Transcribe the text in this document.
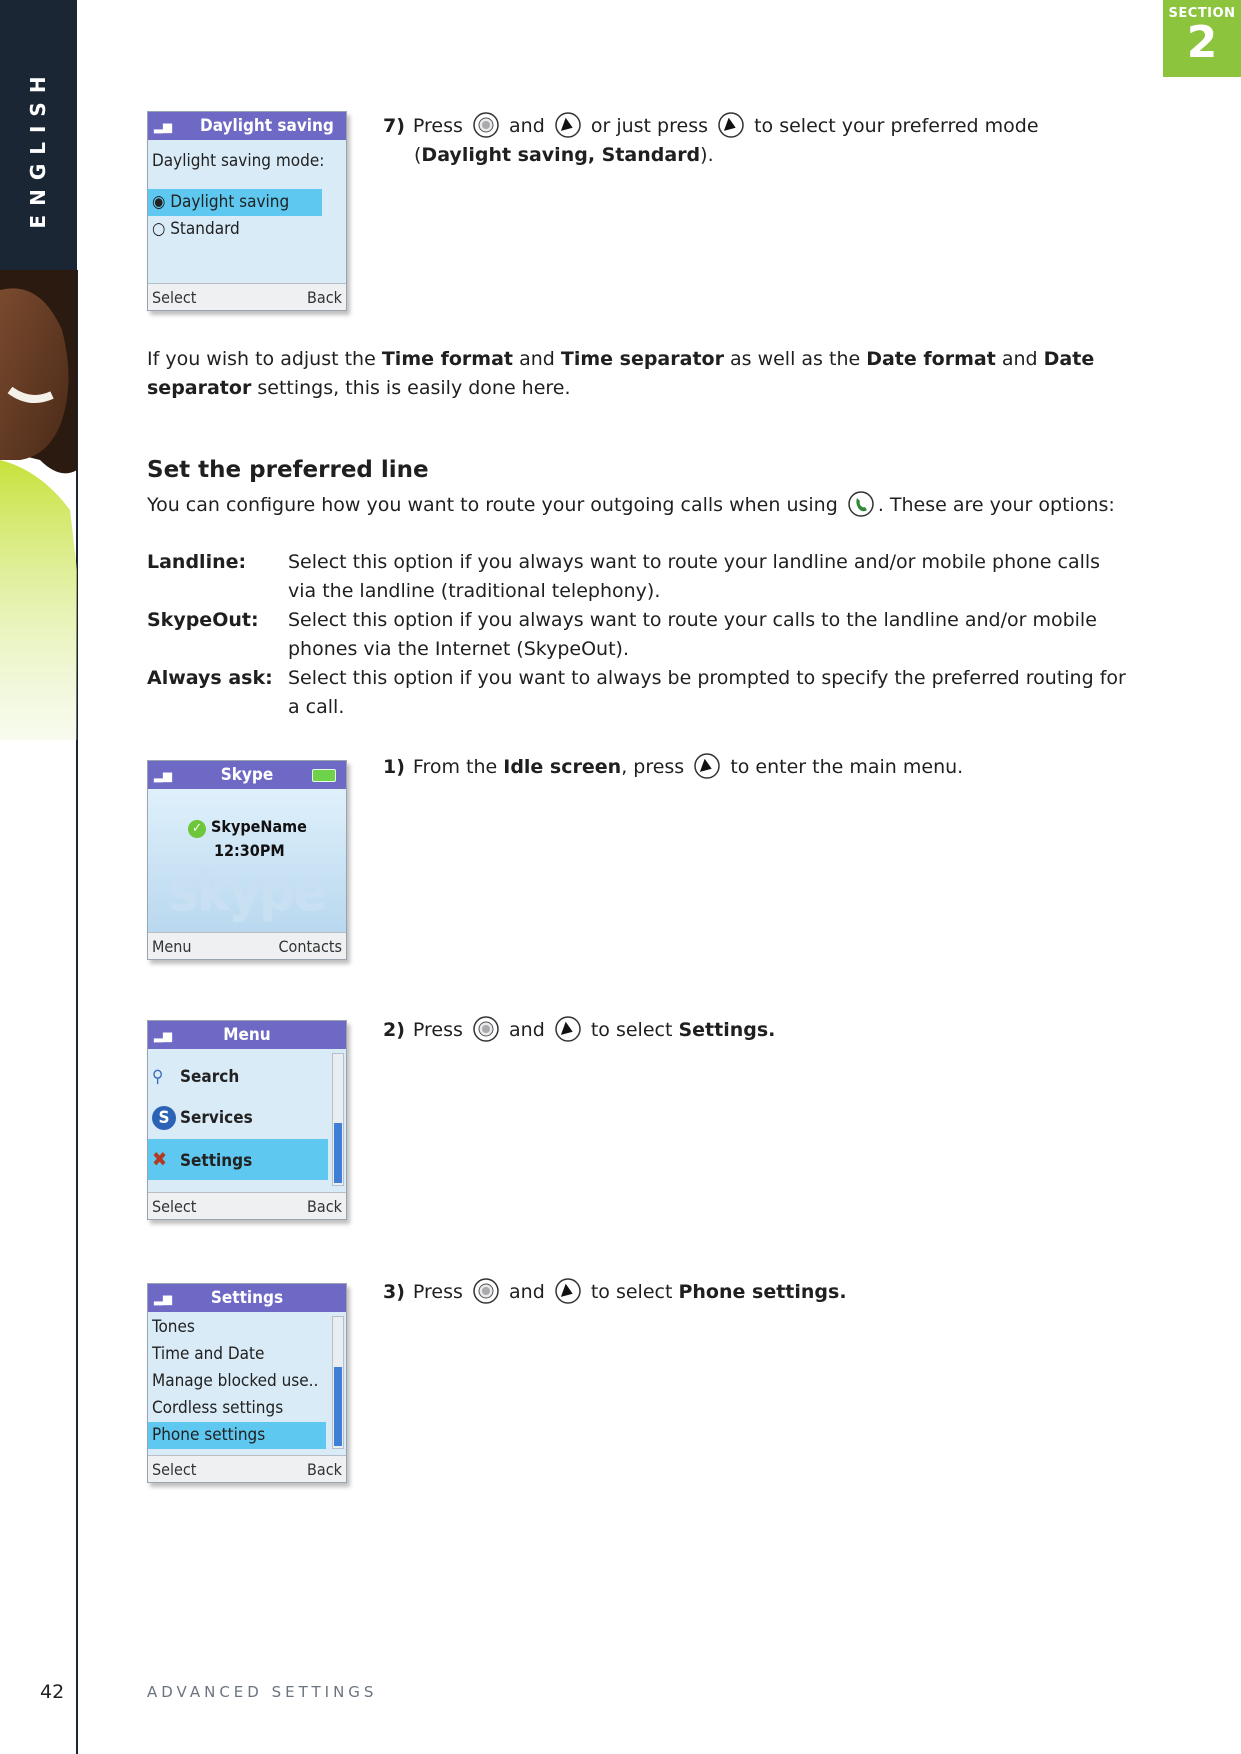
ENGLISH
SECTION
2
▂▅ Daylight saving
Daylight saving mode:
◉ Daylight saving
○ Standard
Select	Back
7) Press and or just press to select your preferred mode (Daylight saving, Standard).

If you wish to adjust the Time format and Time separator as well as the Date format and Date separator settings, this is easily done here.

Set the preferred line

You can configure how you want to route your outgoing calls when using . These are your options:

Landline: Select this option if you always want to route your landline and/or mobile phone calls via the landline (traditional telephony).

SkypeOut: Select this option if you always want to route your calls to the landline and/or mobile phones via the Internet (SkypeOut).

Always ask: Select this option if you want to always be prompted to specify the preferred routing for a call.

▂▅	Skype
skype
✓ SkypeName
12:30PM
Menu	Contacts
1) From the Idle screen, press to enter the main menu.
▂▅	Menu
⚲ Search
S Services
✖ Settings
Select	Back
2) Press and to select Settings.
▂▅	Settings
Tones
Time and Date
Manage blocked use..
Cordless settings
Phone settings
Select	Back
3) Press and to select Phone settings.
42	ADVANCED SETTINGS
